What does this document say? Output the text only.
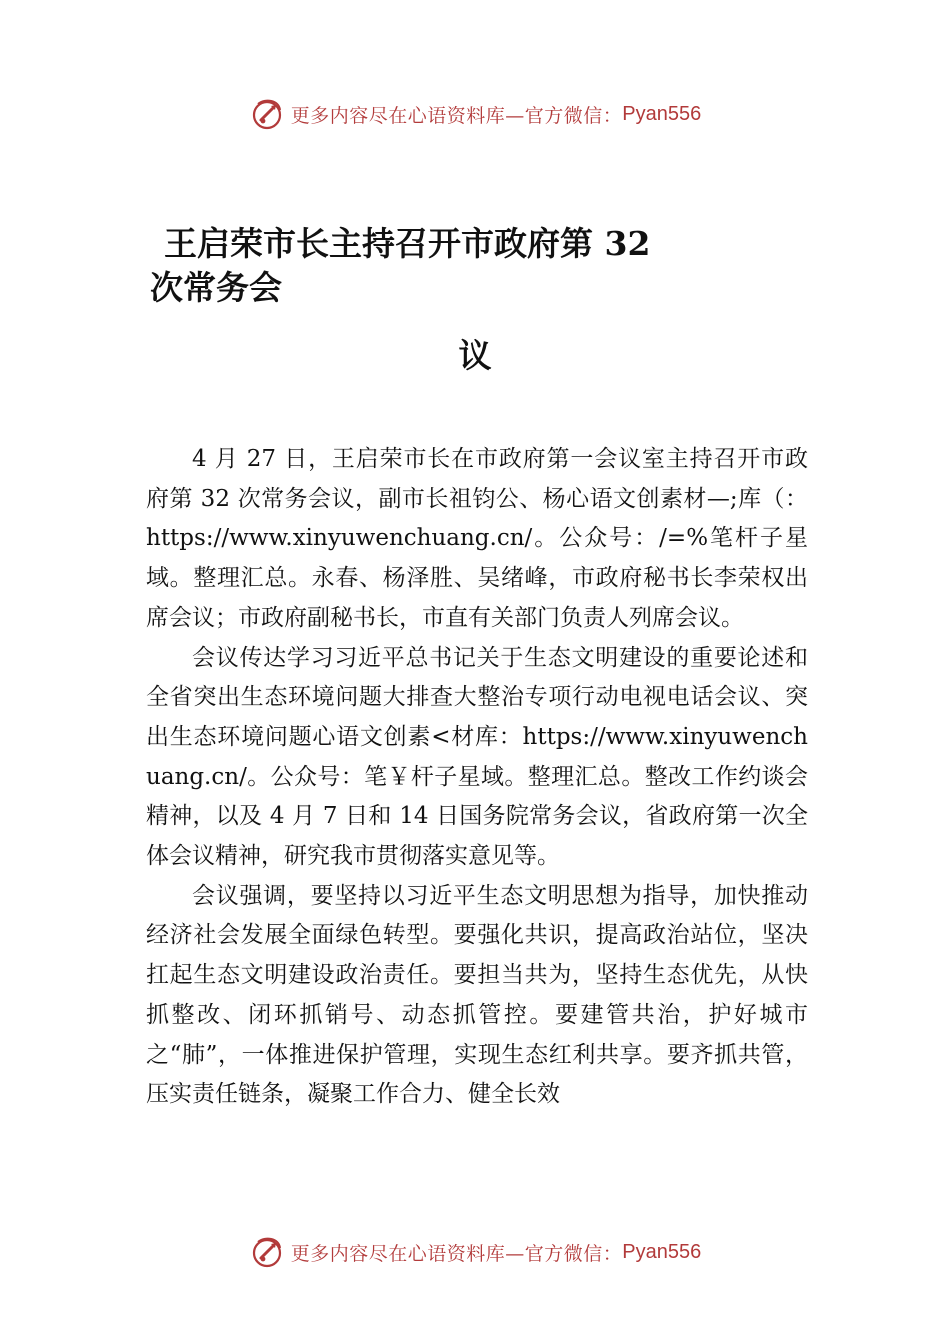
更多内容尽在心语资料库—官方微信： Pyan556
王启荣市长主持召开市政府第 32
次常务会
议
4 月 27 日，王启荣市长在市政府第一会议室主持召开市政府第 32 次常务会议，副市长祖钧公、杨心语文创素材—;库（：https://www.xinyuwenchuang.cn/。公众号：/=%笔杆子星域。整理汇总。永春、杨泽胜、吴绪峰，市政府秘书长李荣权出席会议；市政府副秘书长，市直有关部门负责人列席会议。
会议传达学习习近平总书记关于生态文明建设的重要论述和全省突出生态环境问题大排查大整治专项行动电视电话会议、突出生态环境问题心语文创素<材库：https://www.xinyuwenchuang.cn/。公众号：笔￥杆子星域。整理汇总。整改工作约谈会精神，以及 4 月 7 日和 14 日国务院常务会议，省政府第一次全体会议精神，研究我市贯彻落实意见等。
会议强调，要坚持以习近平生态文明思想为指导，加快推动经济社会发展全面绿色转型。要强化共识，提高政治站位，坚决扛起生态文明建设政治责任。要担当共为，坚持生态优先，从快抓整改、闭环抓销号、动态抓管控。要建管共治，护好城市之“肺”，一体推进保护管理，实现生态红利共享。要齐抓共管，压实责任链条，凝聚工作合力、健全长效
更多内容尽在心语资料库—官方微信： Pyan556
